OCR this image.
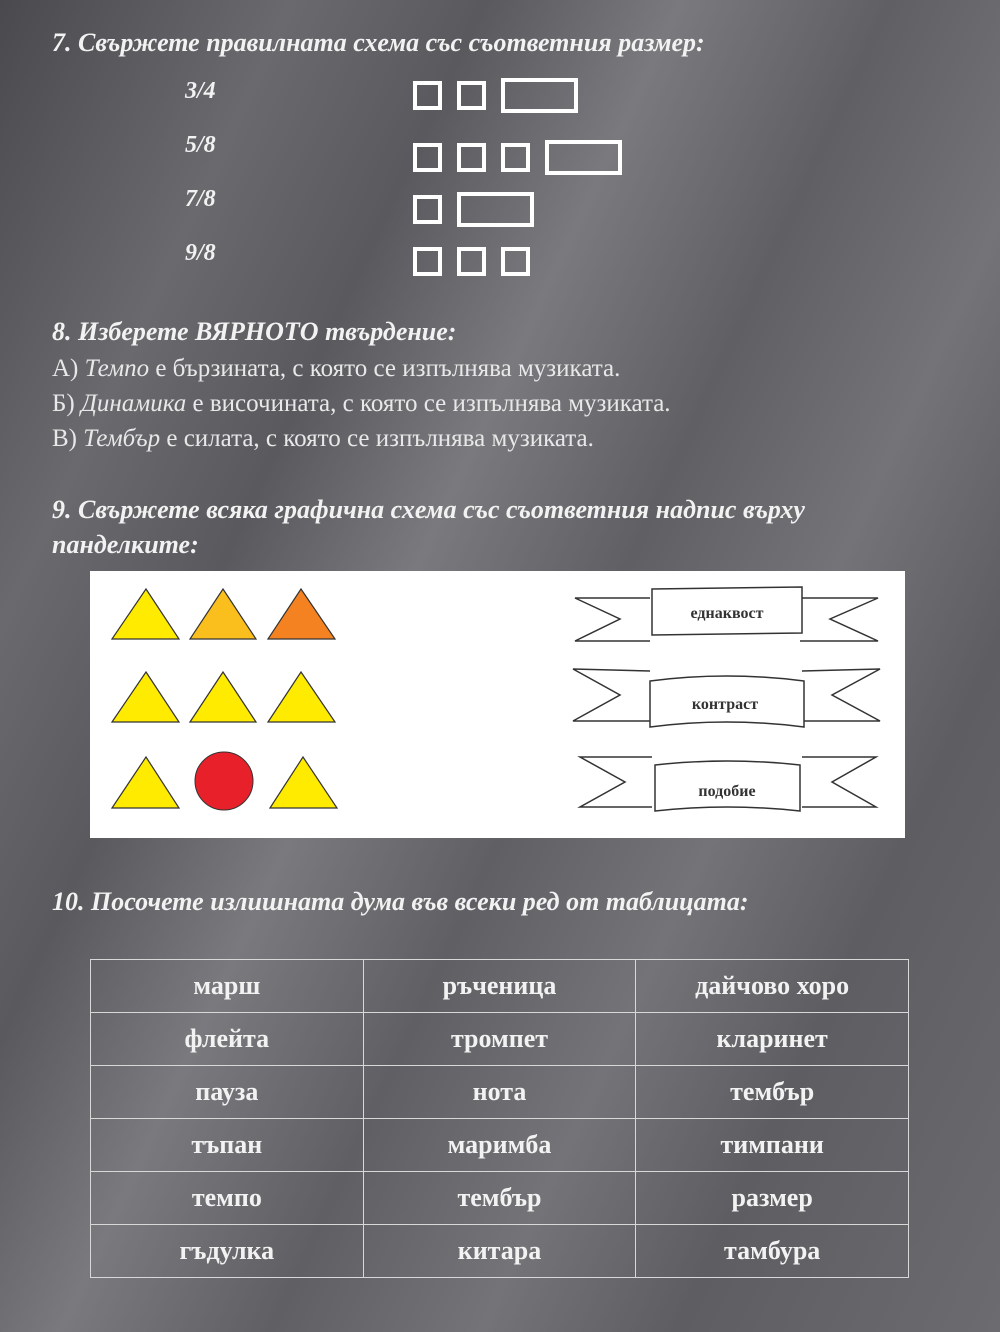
7. Свържете правилната схема със съответния размер:

3/4
5/8
7/8
9/8

8. Изберете ВЯРНОТО твърдение:

А) Темпо е бързината, с която се изпълнява музиката.
Б) Динамика е височината, с която се изпълнява музиката.
В) Тембър е силата, с която се изпълнява музиката.

9. Свържете всяка графична схема със съответния надпис върху

панделките:

еднаквост
контраст
подобие

10. Посочете излишната дума във всеки ред от таблицата:

марш	ръченица	дайчово хоро
флейта	тромпет	кларинет
пауза	нота	тембър
тъпан	маримба	тимпани
темпо	тембър	размер
гъдулка	китара	тамбура
